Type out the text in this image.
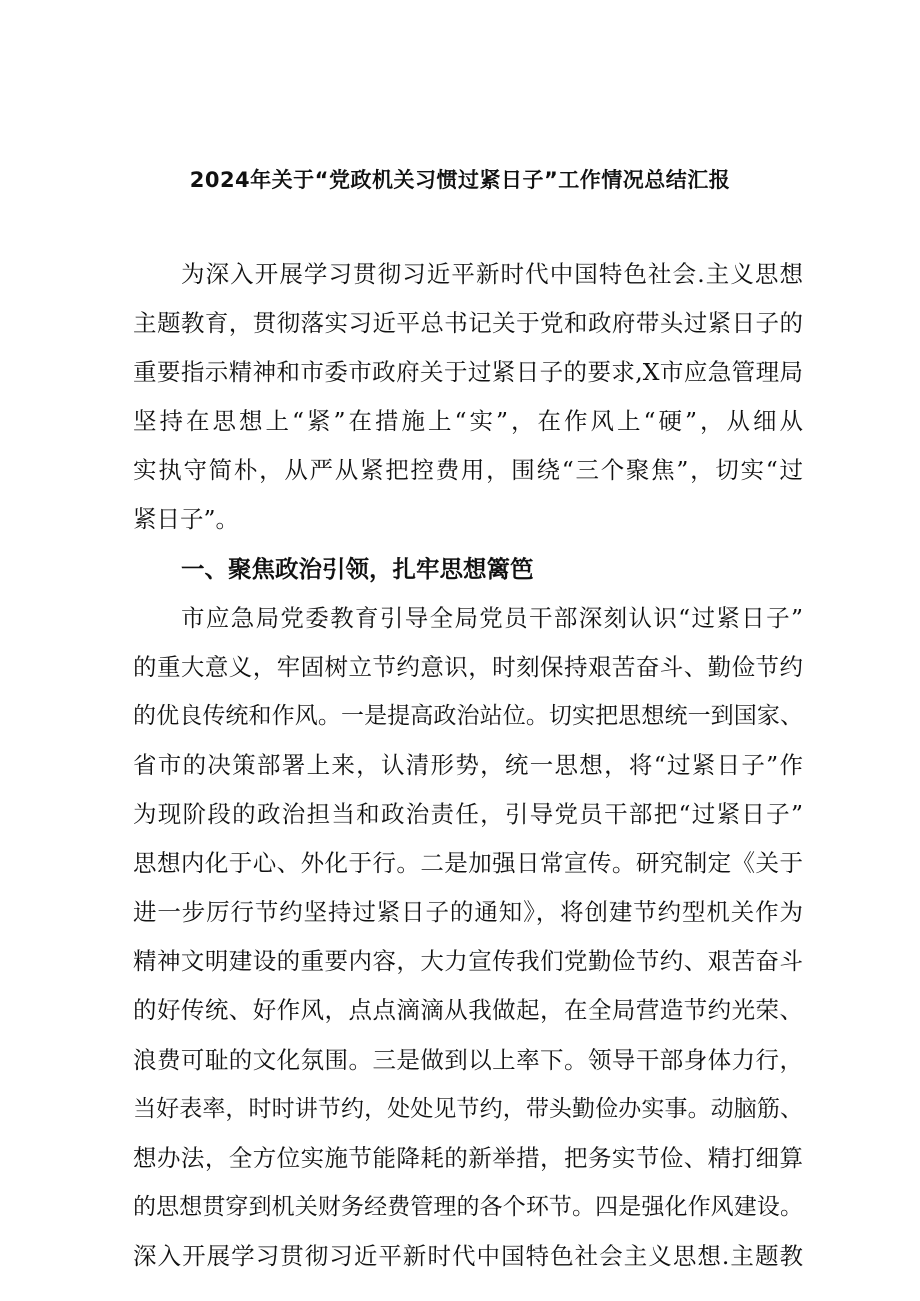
2024年关于“党政机关习惯过紧日子”工作情况总结汇报
为深入开展学习贯彻习近平新时代中国特色社会.主义思想
主题教育，贯彻落实习近平总书记关于党和政府带头过紧日子的
重要指示精神和市委市政府关于过紧日子的要求,X市应急管理局
坚持在思想上“紧”在措施上“实”，在作风上“硬”，从细从
实执守简朴，从严从紧把控费用，围绕“三个聚焦”，切实“过
紧日子”。
一、聚焦政治引领，扎牢思想篱笆
市应急局党委教育引导全局党员干部深刻认识“过紧日子”
的重大意义，牢固树立节约意识，时刻保持艰苦奋斗、勤俭节约
的优良传统和作风。一是提高政治站位。切实把思想统一到国家、
省市的决策部署上来，认清形势，统一思想，将“过紧日子”作
为现阶段的政治担当和政治责任，引导党员干部把“过紧日子”
思想内化于心、外化于行。二是加强日常宣传。研究制定《关于
进一步厉行节约坚持过紧日子的通知》，将创建节约型机关作为
精神文明建设的重要内容，大力宣传我们党勤俭节约、艰苦奋斗
的好传统、好作风，点点滴滴从我做起，在全局营造节约光荣、
浪费可耻的文化氛围。三是做到以上率下。领导干部身体力行，
当好表率，时时讲节约，处处见节约，带头勤俭办实事。动脑筋、
想办法，全方位实施节能降耗的新举措，把务实节俭、精打细算
的思想贯穿到机关财务经费管理的各个环节。四是强化作风建设。
深入开展学习贯彻习近平新时代中国特色社会主义思想.主题教
